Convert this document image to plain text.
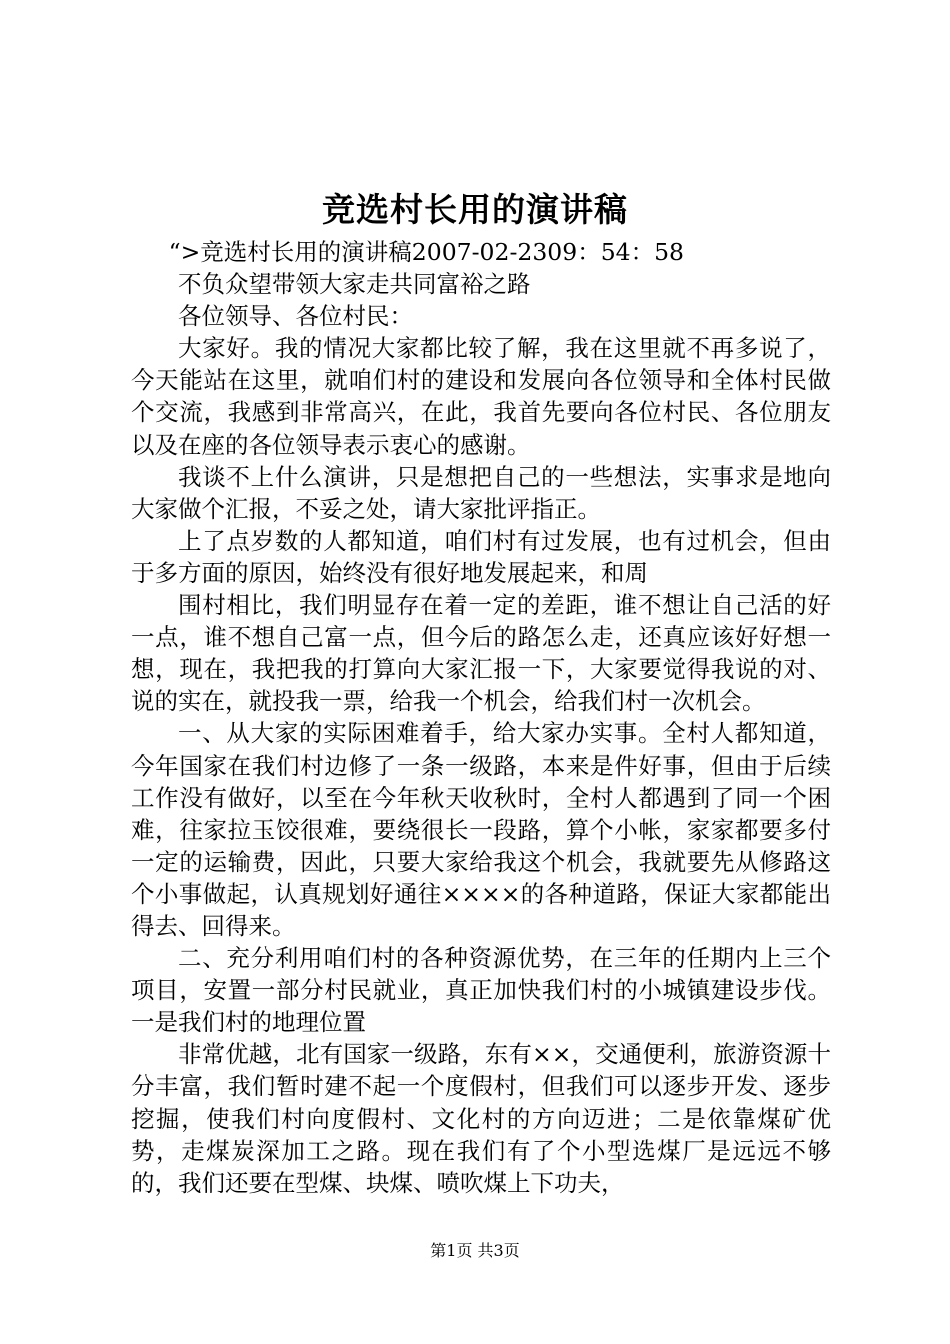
竞选村长用的演讲稿

“>竞选村长用的演讲稿2007-02-2309：54：58

不负众望带领大家走共同富裕之路

各位领导、各位村民：

大家好。我的情况大家都比较了解，我在这里就不再多说了，今天能站在这里，就咱们村的建设和发展向各位领导和全体村民做个交流，我感到非常高兴，在此，我首先要向各位村民、各位朋友以及在座的各位领导表示衷心的感谢。

我谈不上什么演讲，只是想把自己的一些想法，实事求是地向大家做个汇报，不妥之处，请大家批评指正。

上了点岁数的人都知道，咱们村有过发展，也有过机会，但由于多方面的原因，始终没有很好地发展起来，和周

围村相比，我们明显存在着一定的差距，谁不想让自己活的好一点，谁不想自己富一点，但今后的路怎么走，还真应该好好想一想，现在，我把我的打算向大家汇报一下，大家要觉得我说的对、说的实在，就投我一票，给我一个机会，给我们村一次机会。

一、从大家的实际困难着手，给大家办实事。全村人都知道，今年国家在我们村边修了一条一级路，本来是件好事，但由于后续工作没有做好，以至在今年秋天收秋时，全村人都遇到了同一个困难，往家拉玉饺很难，要绕很长一段路，算个小帐，家家都要多付一定的运输费，因此，只要大家给我这个机会，我就要先从修路这个小事做起，认真规划好通往××××的各种道路，保证大家都能出得去、回得来。

二、充分利用咱们村的各种资源优势，在三年的任期内上三个项目，安置一部分村民就业，真正加快我们村的小城镇建设步伐。一是我们村的地理位置

非常优越，北有国家一级路，东有××，交通便利，旅游资源十分丰富，我们暂时建不起一个度假村，但我们可以逐步开发、逐步挖掘，使我们村向度假村、文化村的方向迈进；二是依靠煤矿优势，走煤炭深加工之路。现在我们有了个小型选煤厂是远远不够的，我们还要在型煤、块煤、喷吹煤上下功夫，

第1页 共3页
